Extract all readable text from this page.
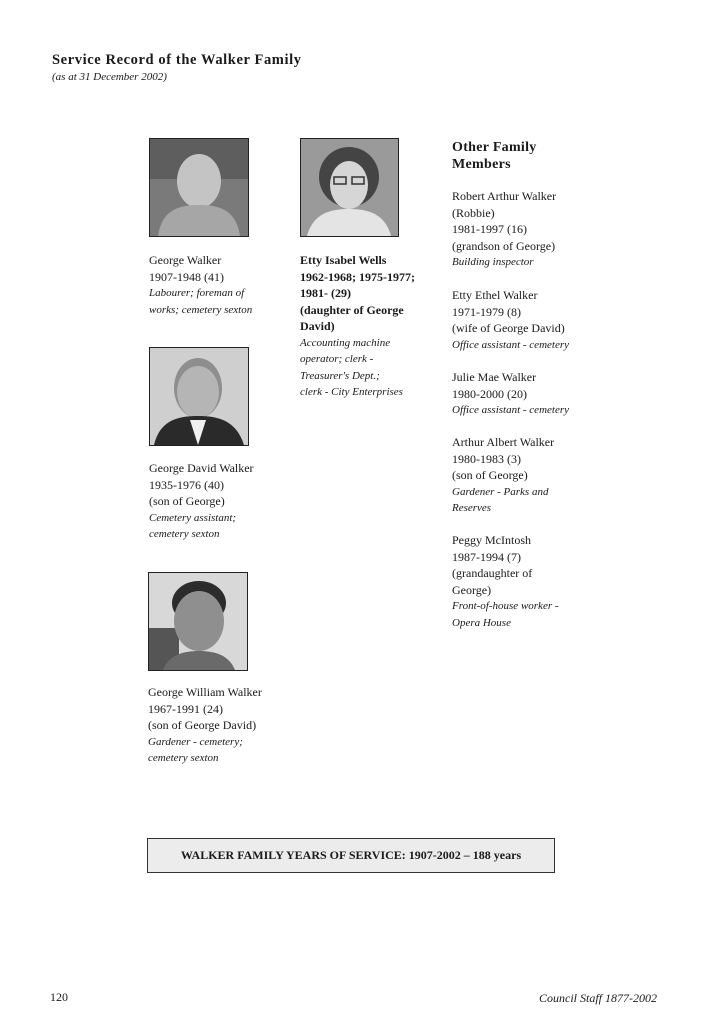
Service Record of the Walker Family
(as at 31 December 2002)
George Walker
1907-1948 (41)
Labourer; foreman of
works; cemetery sexton
Etty Isabel Wells
1962-1968; 1975-1977;
1981- (29)
(daughter of George
David)
Accounting machine
operator; clerk -
Treasurer's Dept.;
clerk - City Enterprises
George David Walker
1935-1976 (40)
(son of George)
Cemetery assistant;
cemetery sexton
George William Walker
1967-1991 (24)
(son of George David)
Gardener - cemetery;
cemetery sexton
Other Family
Members
Robert Arthur Walker
(Robbie)
1981-1997 (16)
(grandson of George)
Building inspector
Etty Ethel Walker
1971-1979 (8)
(wife of George David)
Office assistant - cemetery
Julie Mae Walker
1980-2000 (20)
Office assistant - cemetery
Arthur Albert Walker
1980-1983 (3)
(son of George)
Gardener - Parks and
Reserves
Peggy McIntosh
1987-1994 (7)
(grandaughter of
George)
Front-of-house worker -
Opera House
WALKER FAMILY YEARS OF SERVICE: 1907-2002 – 188 years
120	Council Staff 1877-2002
